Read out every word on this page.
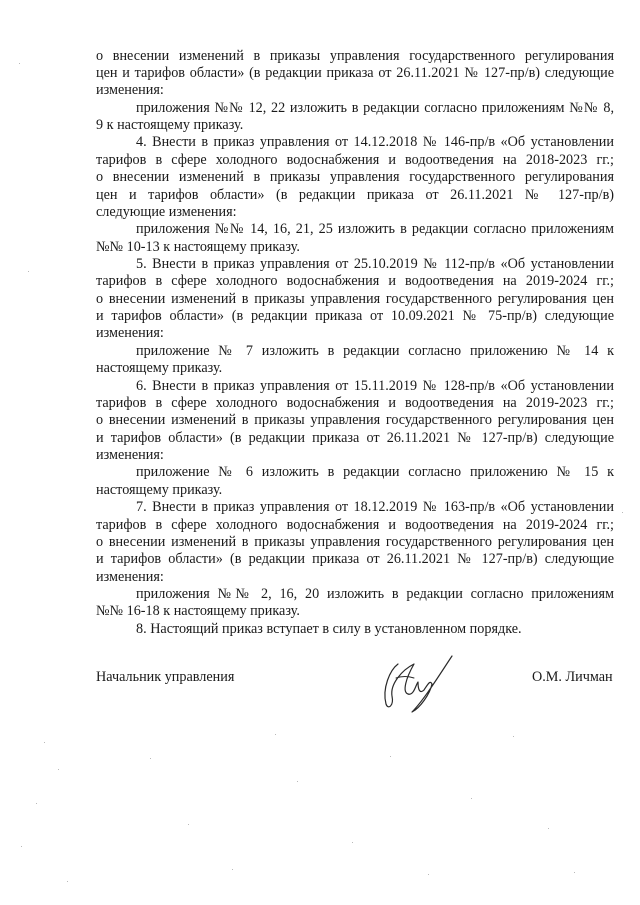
о внесении изменений в приказы управления государственного регулирования
цен и тарифов области» (в редакции приказа от 26.11.2021 № 127-пр/в) следующие
изменения:
приложения №№ 12, 22 изложить в редакции согласно приложениям №№ 8,
9 к настоящему приказу.
4. Внести в приказ управления от 14.12.2018 № 146-пр/в «Об установлении
тарифов в сфере холодного водоснабжения и водоотведения на 2018-2023 гг.;
о внесении изменений в приказы управления государственного регулирования
цен и тарифов области» (в редакции приказа от 26.11.2021 № 127-пр/в)
следующие изменения:
приложения №№ 14, 16, 21, 25 изложить в редакции согласно приложениям
№№ 10-13 к настоящему приказу.
5. Внести в приказ управления от 25.10.2019 № 112-пр/в «Об установлении
тарифов в сфере холодного водоснабжения и водоотведения на 2019-2024 гг.;
о внесении изменений в приказы управления государственного регулирования цен
и тарифов области» (в редакции приказа от 10.09.2021 № 75-пр/в) следующие
изменения:
приложение № 7 изложить в редакции согласно приложению № 14 к
настоящему приказу.
6. Внести в приказ управления от 15.11.2019 № 128-пр/в «Об установлении
тарифов в сфере холодного водоснабжения и водоотведения на 2019-2023 гг.;
о внесении изменений в приказы управления государственного регулирования цен
и тарифов области» (в редакции приказа от 26.11.2021 № 127-пр/в) следующие
изменения:
приложение № 6 изложить в редакции согласно приложению № 15 к
настоящему приказу.
7. Внести в приказ управления от 18.12.2019 № 163-пр/в «Об установлении
тарифов в сфере холодного водоснабжения и водоотведения на 2019-2024 гг.;
о внесении изменений в приказы управления государственного регулирования цен
и тарифов области» (в редакции приказа от 26.11.2021 № 127-пр/в) следующие
изменения:
приложения №№ 2, 16, 20 изложить в редакции согласно приложениям
№№ 16-18 к настоящему приказу.
8. Настоящий приказ вступает в силу в установленном порядке.
Начальник управления	О.М. Личман
